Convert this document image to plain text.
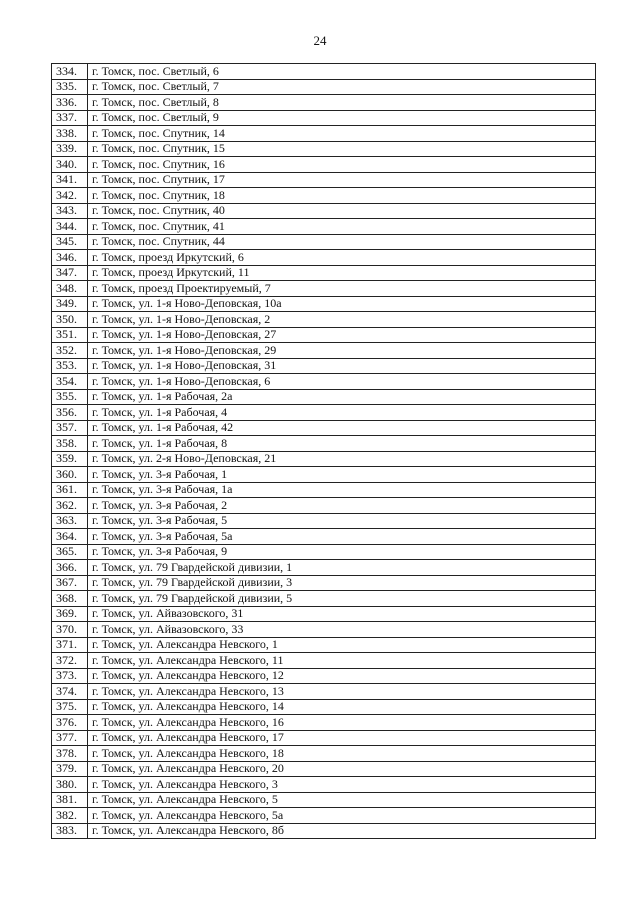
24
334.	г. Томск, пос. Светлый, 6
335.	г. Томск, пос. Светлый, 7
336.	г. Томск, пос. Светлый, 8
337.	г. Томск, пос. Светлый, 9
338.	г. Томск, пос. Спутник, 14
339.	г. Томск, пос. Спутник, 15
340.	г. Томск, пос. Спутник, 16
341.	г. Томск, пос. Спутник, 17
342.	г. Томск, пос. Спутник, 18
343.	г. Томск, пос. Спутник, 40
344.	г. Томск, пос. Спутник, 41
345.	г. Томск, пос. Спутник, 44
346.	г. Томск, проезд Иркутский, 6
347.	г. Томск, проезд Иркутский, 11
348.	г. Томск, проезд Проектируемый, 7
349.	г. Томск, ул. 1-я Ново-Деповская, 10а
350.	г. Томск, ул. 1-я Ново-Деповская, 2
351.	г. Томск, ул. 1-я Ново-Деповская, 27
352.	г. Томск, ул. 1-я Ново-Деповская, 29
353.	г. Томск, ул. 1-я Ново-Деповская, 31
354.	г. Томск, ул. 1-я Ново-Деповская, 6
355.	г. Томск, ул. 1-я Рабочая, 2а
356.	г. Томск, ул. 1-я Рабочая, 4
357.	г. Томск, ул. 1-я Рабочая, 42
358.	г. Томск, ул. 1-я Рабочая, 8
359.	г. Томск, ул. 2-я Ново-Деповская, 21
360.	г. Томск, ул. 3-я Рабочая, 1
361.	г. Томск, ул. 3-я Рабочая, 1а
362.	г. Томск, ул. 3-я Рабочая, 2
363.	г. Томск, ул. 3-я Рабочая, 5
364.	г. Томск, ул. 3-я Рабочая, 5а
365.	г. Томск, ул. 3-я Рабочая, 9
366.	г. Томск, ул. 79 Гвардейской дивизии, 1
367.	г. Томск, ул. 79 Гвардейской дивизии, 3
368.	г. Томск, ул. 79 Гвардейской дивизии, 5
369.	г. Томск, ул. Айвазовского, 31
370.	г. Томск, ул. Айвазовского, 33
371.	г. Томск, ул. Александра Невского, 1
372.	г. Томск, ул. Александра Невского, 11
373.	г. Томск, ул. Александра Невского, 12
374.	г. Томск, ул. Александра Невского, 13
375.	г. Томск, ул. Александра Невского, 14
376.	г. Томск, ул. Александра Невского, 16
377.	г. Томск, ул. Александра Невского, 17
378.	г. Томск, ул. Александра Невского, 18
379.	г. Томск, ул. Александра Невского, 20
380.	г. Томск, ул. Александра Невского, 3
381.	г. Томск, ул. Александра Невского, 5
382.	г. Томск, ул. Александра Невского, 5а
383.	г. Томск, ул. Александра Невского, 8б
